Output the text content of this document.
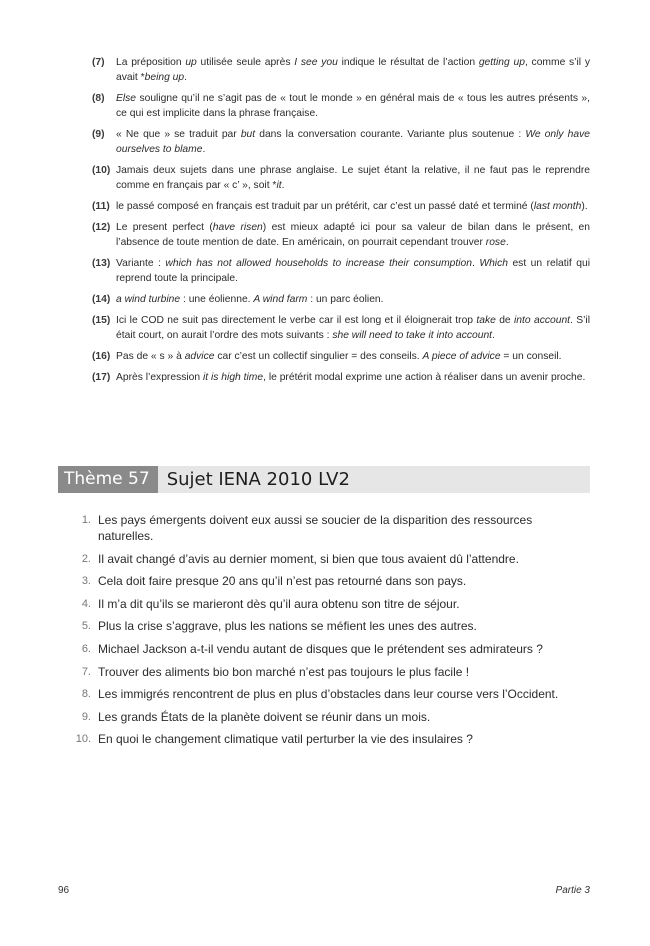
(7)	La préposition up utilisée seule après I see you indique le résultat de l’action getting up, comme s’il y avait *being up.
(8)	Else souligne qu’il ne s’agit pas de « tout le monde » en général mais de « tous les autres présents », ce qui est implicite dans la phrase française.
(9)	« Ne que » se traduit par but dans la conversation courante. Variante plus soutenue : We only have ourselves to blame.
(10) Jamais deux sujets dans une phrase anglaise. Le sujet étant la relative, il ne faut pas le reprendre comme en français par « c’ », soit *it.
(11) le passé composé en français est traduit par un prétérit, car c’est un passé daté et terminé (last month).
(12) Le present perfect (have risen) est mieux adapté ici pour sa valeur de bilan dans le présent, en l’absence de toute mention de date. En américain, on pourrait cependant trouver rose.
(13) Variante : which has not allowed households to increase their consumption. Which est un relatif qui reprend toute la principale.
(14) a wind turbine : une éolienne. A wind farm : un parc éolien.
(15) Ici le COD ne suit pas directement le verbe car il est long et il éloignerait trop take de into account. S’il était court, on aurait l’ordre des mots suivants : she will need to take it into account.
(16) Pas de « s » à advice car c’est un collectif singulier = des conseils. A piece of advice = un conseil.
(17) Après l’expression it is high time, le prétérit modal exprime une action à réaliser dans un avenir proche.
Thème 57 Sujet IENA 2010 LV2
1. Les pays émergents doivent eux aussi se soucier de la disparition des ressources naturelles.
2. Il avait changé d’avis au dernier moment, si bien que tous avaient dû l’attendre.
3. Cela doit faire presque 20 ans qu’il n’est pas retourné dans son pays.
4. Il m’a dit qu’ils se marieront dès qu’il aura obtenu son titre de séjour.
5. Plus la crise s’aggrave, plus les nations se méfient les unes des autres.
6. Michael Jackson a-t-il vendu autant de disques que le prétendent ses admirateurs ?
7. Trouver des aliments bio bon marché n’est pas toujours le plus facile !
8. Les immigrés rencontrent de plus en plus d’obstacles dans leur course vers l’Occident.
9. Les grands États de la planète doivent se réunir dans un mois.
10. En quoi le changement climatique vatil perturber la vie des insulaires ?
96	Partie 3
